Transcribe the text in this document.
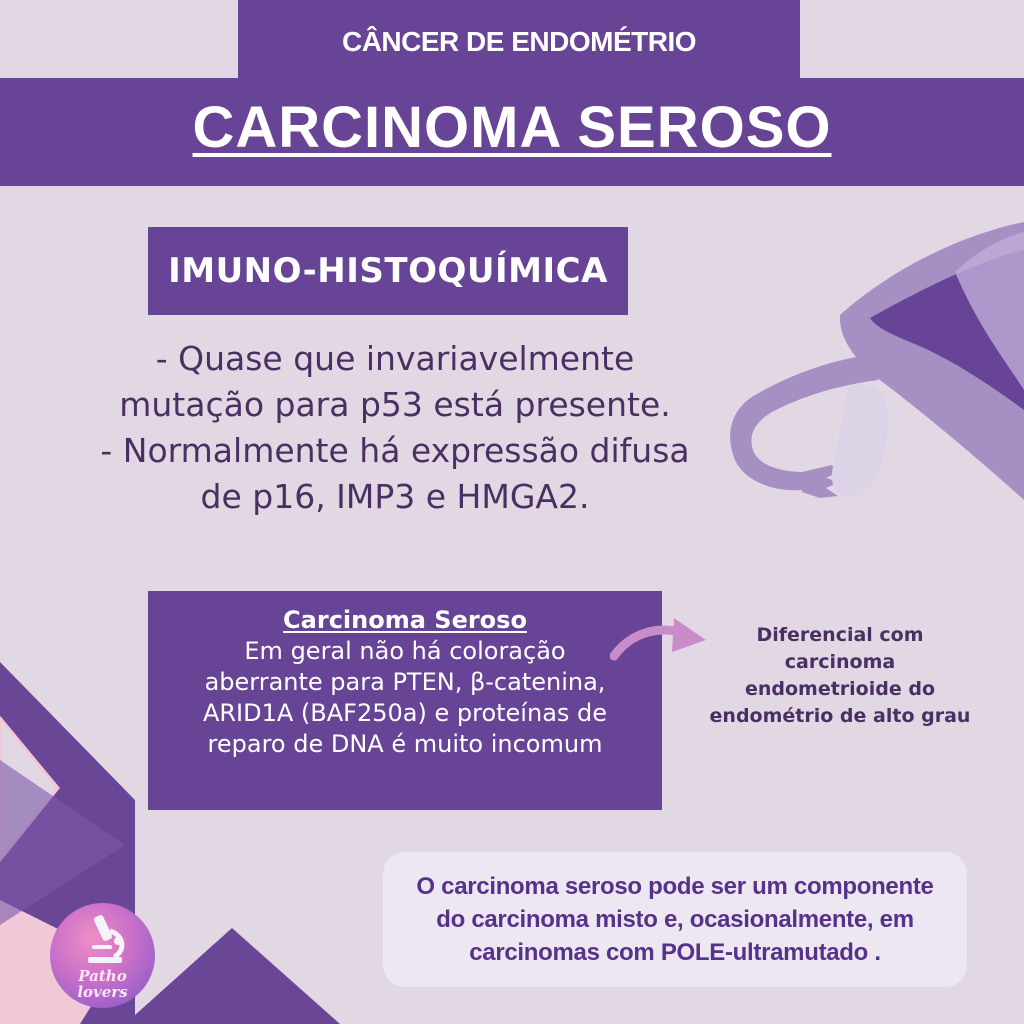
CÂNCER DE ENDOMÉTRIO
CARCINOMA SEROSO
IMUNO-HISTOQUÍMICA
- Quase que invariavelmente
mutação para p53 está presente.
- Normalmente há expressão difusa
de p16, IMP3 e HMGA2.
Carcinoma Seroso
Em geral não há coloração
aberrante para PTEN, β-catenina,
ARID1A (BAF250a) e proteínas de
reparo de DNA é muito incomum
Diferencial com
carcinoma
endometrioide do
endométrio de alto grau
O carcinoma seroso pode ser um componente
do carcinoma misto e, ocasionalmente, em
carcinomas com POLE-ultramutado .
Patho
lovers
